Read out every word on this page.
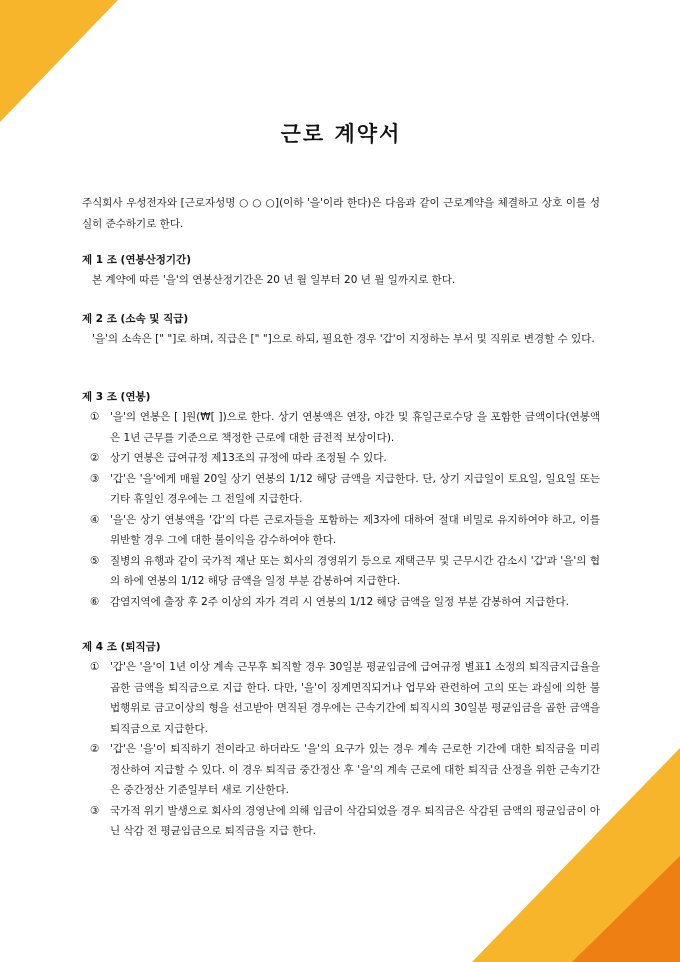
근로 계약서
주식회사 우성전자와 [근로자성명 ○ ○ ○](이하 '을'이라 한다)은 다음과 같이 근로계약을 체결하고 상호 이를 성실히 준수하기로 한다.
제 1 조 (연봉산정기간)
본 계약에 따른 '을'의 연봉산정기간은 20 년 월 일부터 20 년 월 일까지로 한다.
제 2 조 (소속 및 직급)
'을'의 소속은 [" "]로 하며, 직급은 [" "]으로 하되, 필요한 경우 '갑'이 지정하는 부서 및 직위로 변경할 수 있다.
제 3 조 (연봉)
① '을'의 연봉은 [ ]원(₩[ ])으로 한다. 상기 연봉액은 연장, 야간 및 휴일근로수당 을 포함한 금액이다(연봉액은 1년 근무를 기준으로 책정한 근로에 대한 금전적 보상이다).
② 상기 연봉은 급여규정 제13조의 규정에 따라 조정될 수 있다.
③ '갑'은 '을'에게 매월 20일 상기 연봉의 1/12 해당 금액을 지급한다. 단, 상기 지급일이 토요일, 일요일 또는 기타 휴일인 경우에는 그 전일에 지급한다.
④ '을'은 상기 연봉액을 '갑'의 다른 근로자들을 포함하는 제3자에 대하여 절대 비밀로 유지하여야 하고, 이를 위반할 경우 그에 대한 불이익을 감수하여야 한다.
⑤ 질병의 유행과 같이 국가적 재난 또는 회사의 경영위기 등으로 재택근무 및 근무시간 감소시 '갑'과 '을'의 협의 하에 연봉의 1/12 해당 금액을 일정 부분 감봉하여 지급한다.
⑥ 감염지역에 출장 후 2주 이상의 자가 격리 시 연봉의 1/12 해당 금액을 일정 부분 감봉하여 지급한다.
제 4 조 (퇴직금)
① '갑'은 '을'이 1년 이상 계속 근무후 퇴직할 경우 30일분 평균임금에 급여규정 별표1 소정의 퇴직금지급율을 곱한 금액을 퇴직금으로 지급 한다. 다만, '을'이 징계면직되거나 업무와 관련하여 고의 또는 과실에 의한 불법행위로 금고이상의 형을 선고받아 면직된 경우에는 근속기간에 퇴직시의 30일분 평균임금을 곱한 금액을 퇴직금으로 지급한다.
② '갑'은 '을'이 퇴직하기 전이라고 하더라도 '을'의 요구가 있는 경우 계속 근로한 기간에 대한 퇴직금을 미리 정산하여 지급할 수 있다. 이 경우 퇴직금 중간정산 후 '을'의 계속 근로에 대한 퇴직금 산정을 위한 근속기간은 중간정산 기준일부터 새로 기산한다.
③ 국가적 위기 발생으로 회사의 경영난에 의해 임금이 삭감되었을 경우 퇴직금은 삭감된 금액의 평균임금이 아닌 삭감 전 평균임금으로 퇴직금을 지급 한다.
